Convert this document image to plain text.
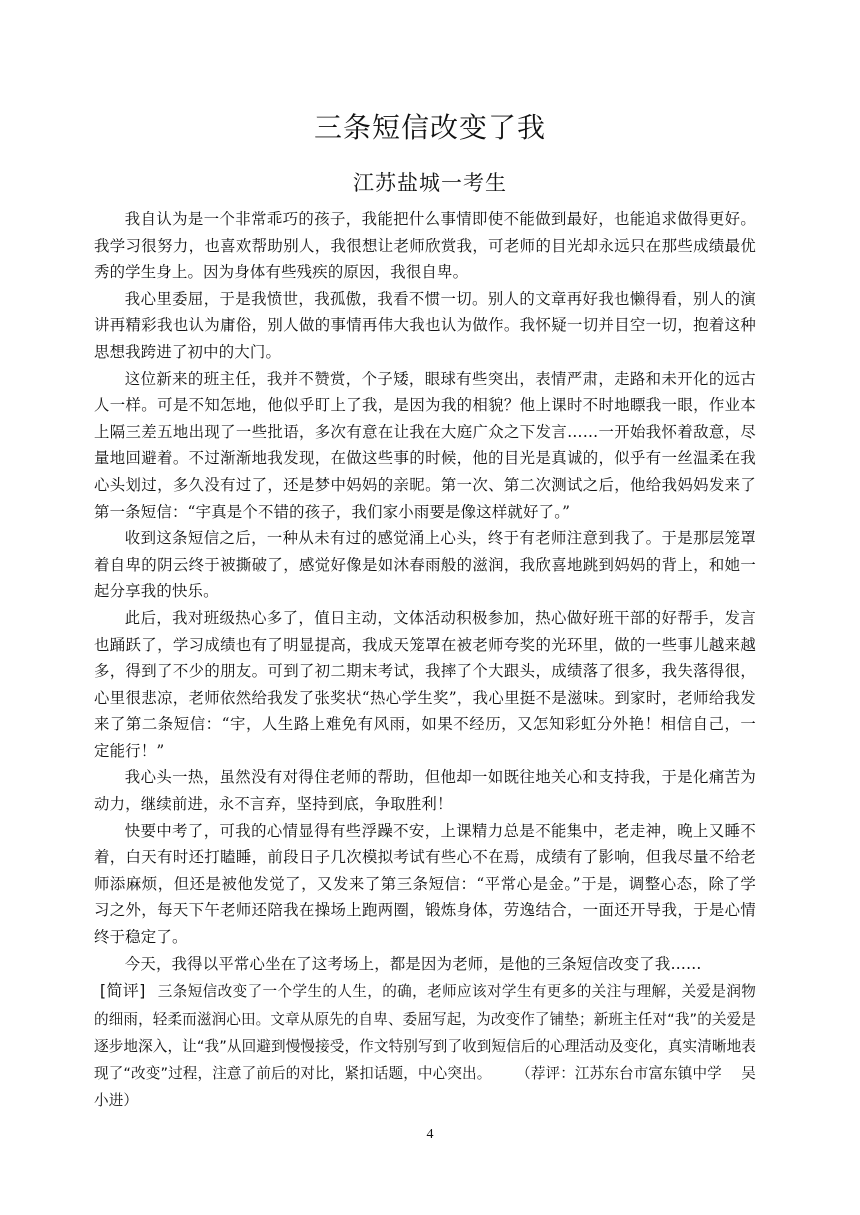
三条短信改变了我
江苏盐城一考生

我自认为是一个非常乖巧的孩子，我能把什么事情即使不能做到最好，也能追求做得更好。我学习很努力，也喜欢帮助别人，我很想让老师欣赏我，可老师的目光却永远只在那些成绩最优秀的学生身上。因为身体有些残疾的原因，我很自卑。

我心里委屈，于是我愤世，我孤傲，我看不惯一切。别人的文章再好我也懒得看，别人的演讲再精彩我也认为庸俗，别人做的事情再伟大我也认为做作。我怀疑一切并目空一切，抱着这种思想我跨进了初中的大门。

这位新来的班主任，我并不赞赏，个子矮，眼球有些突出，表情严肃，走路和未开化的远古人一样。可是不知怎地，他似乎盯上了我，是因为我的相貌？他上课时不时地瞟我一眼，作业本上隔三差五地出现了一些批语，多次有意在让我在大庭广众之下发言……一开始我怀着敌意，尽量地回避着。不过渐渐地我发现，在做这些事的时候，他的目光是真诚的，似乎有一丝温柔在我心头划过，多久没有过了，还是梦中妈妈的亲昵。第一次、第二次测试之后，他给我妈妈发来了第一条短信：“宇真是个不错的孩子，我们家小雨要是像这样就好了。”

收到这条短信之后，一种从未有过的感觉涌上心头，终于有老师注意到我了。于是那层笼罩着自卑的阴云终于被撕破了，感觉好像是如沐春雨般的滋润，我欣喜地跳到妈妈的背上，和她一起分享我的快乐。

此后，我对班级热心多了，值日主动，文体活动积极参加，热心做好班干部的好帮手，发言也踊跃了，学习成绩也有了明显提高，我成天笼罩在被老师夸奖的光环里，做的一些事儿越来越多，得到了不少的朋友。可到了初二期末考试，我摔了个大跟头，成绩落了很多，我失落得很，心里很悲凉，老师依然给我发了张奖状“热心学生奖”，我心里挺不是滋味。到家时，老师给我发来了第二条短信：“宇，人生路上难免有风雨，如果不经历，又怎知彩虹分外艳！相信自己，一定能行！”

我心头一热，虽然没有对得住老师的帮助，但他却一如既往地关心和支持我，于是化痛苦为动力，继续前进，永不言弃，坚持到底，争取胜利！

快要中考了，可我的心情显得有些浮躁不安，上课精力总是不能集中，老走神，晚上又睡不着，白天有时还打瞌睡，前段日子几次模拟考试有些心不在焉，成绩有了影响，但我尽量不给老师添麻烦，但还是被他发觉了，又发来了第三条短信：“平常心是金。”于是，调整心态，除了学习之外，每天下午老师还陪我在操场上跑两圈，锻炼身体，劳逸结合，一面还开导我，于是心情终于稳定了。

今天，我得以平常心坐在了这考场上，都是因为老师，是他的三条短信改变了我……

[简评] 三条短信改变了一个学生的人生，的确，老师应该对学生有更多的关注与理解，关爱是润物的细雨，轻柔而滋润心田。文章从原先的自卑、委屈写起，为改变作了铺垫；新班主任对“我”的关爱是逐步地深入，让“我”从回避到慢慢接受，作文特别写到了收到短信后的心理活动及变化，真实清晰地表现了“改变”过程，注意了前后的对比，紧扣话题，中心突出。 （荐评：江苏东台市富东镇中学　 吴小进）

4
